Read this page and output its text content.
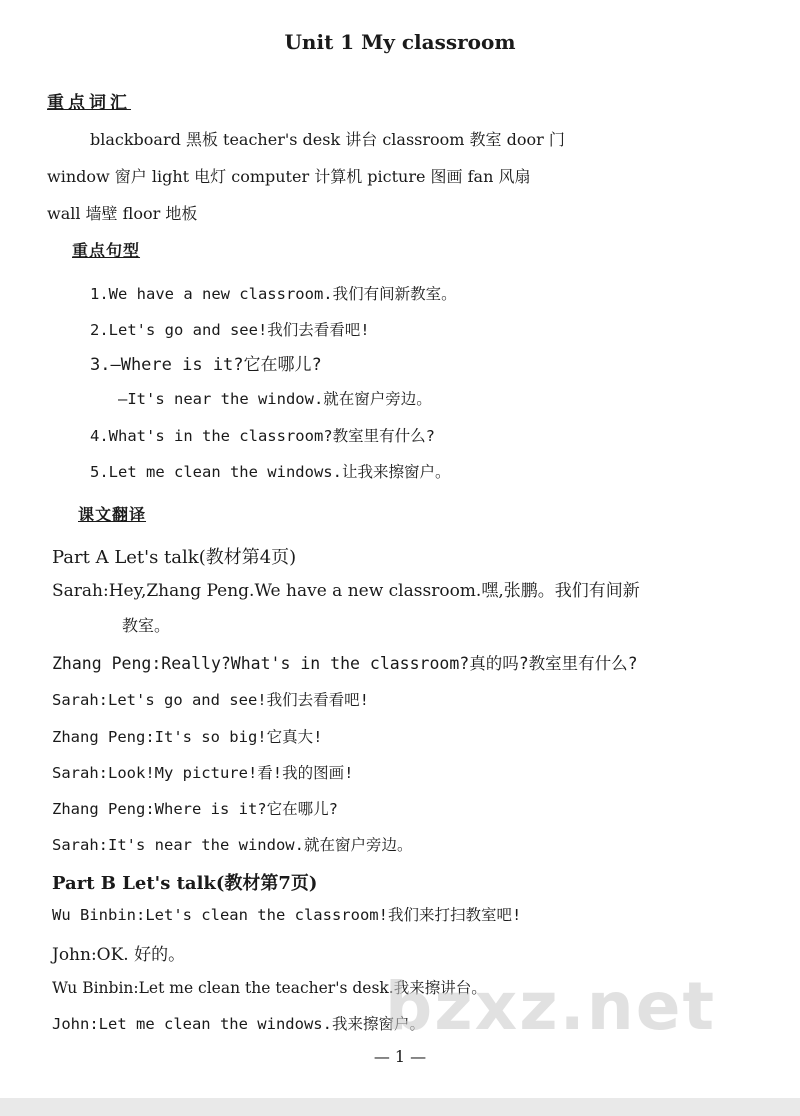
Unit 1 My classroom
重点词汇
blackboard 黑板 teacher's desk 讲台 classroom 教室 door 门
window 窗户 light 电灯 computer 计算机 picture 图画 fan 风扇
wall 墙壁 floor 地板
重点句型
1.We have a new classroom.我们有间新教室。
2.Let's go and see!我们去看看吧!
3.—Where is it?它在哪儿?
—It's near the window.就在窗户旁边。
4.What's in the classroom?教室里有什么?
5.Let me clean the windows.让我来擦窗户。
课文翻译
Part A Let's talk(教材第4页)
Sarah:Hey,Zhang Peng.We have a new classroom.嘿,张鹏。我们有间新
教室。
Zhang Peng:Really?What's in the classroom?真的吗?教室里有什么?
Sarah:Let's go and see!我们去看看吧!
Zhang Peng:It's so big!它真大!
Sarah:Look!My picture!看!我的图画!
Zhang Peng:Where is it?它在哪儿?
Sarah:It's near the window.就在窗户旁边。
Part B Let's talk(教材第7页)
Wu Binbin:Let's clean the classroom!我们来打扫教室吧!
John:OK. 好的。
Wu Binbin:Let me clean the teacher's desk.我来擦讲台。
John:Let me clean the windows.我来擦窗户。
— 1 —
bzxz.net
